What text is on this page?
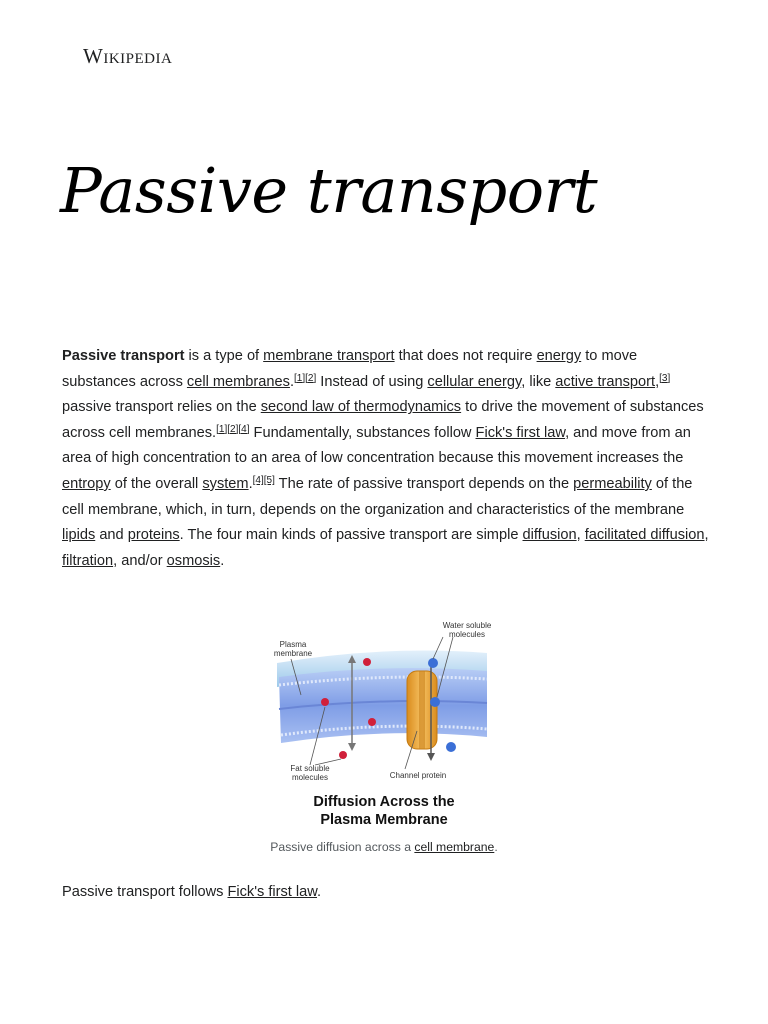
Wikipedia
Passive transport

Passive transport is a type of membrane transport that does not require energy to move substances across cell membranes.[1][2] Instead of using cellular energy, like active transport,[3] passive transport relies on the second law of thermodynamics to drive the movement of substances across cell membranes.[1][2][4] Fundamentally, substances follow Fick's first law, and move from an area of high concentration to an area of low concentration because this movement increases the entropy of the overall system.[4][5] The rate of passive transport depends on the permeability of the cell membrane, which, in turn, depends on the organization and characteristics of the membrane lipids and proteins. The four main kinds of passive transport are simple diffusion, facilitated diffusion, filtration, and/or osmosis.

Plasma
membrane
Water soluble
molecules
Fat soluble
molecules	Channel protein
Diffusion Across the
Plasma Membrane
Passive diffusion across a cell membrane.

Passive transport follows Fick's first law.
